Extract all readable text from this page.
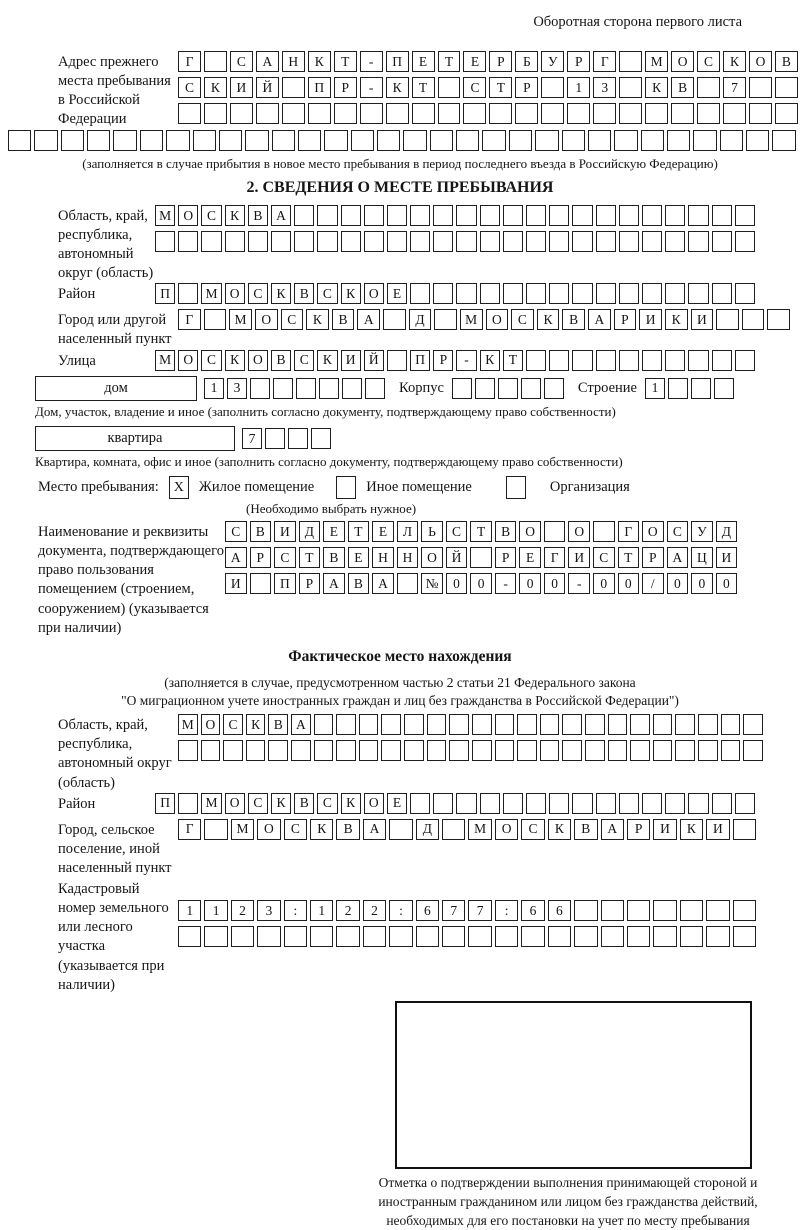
Оборотная сторона первого листа
Адрес прежнего места пребывания в Российской Федерации
Г	С	А	Н	К	Т	-	П	Е	Т	Е	Р	Б	У	Р	Г	М	О	С	К	О	В
С	К	И	Й	П	Р	-	К	Т	С	Т	Р	1	3	К	В	7
(заполняется в случае прибытия в новое место пребывания в период последнего въезда в Российскую Федерацию)
2. СВЕДЕНИЯ О МЕСТЕ ПРЕБЫВАНИЯ
Область, край, республика, автономный округ (область)
М О	С	К	В	А
Район	П	М О	С	К	В	С	К	О	Е
Город или другой населенный пункт
Г	М	О	С	К	В	А	Д	М	О	С	К	В	А	Р	И	К	И
Улица	М О	С	К	О	В	С	К	И Й	П	Р	-	К	Т
дом	1	3	Корпус	Строение	1
Дом, участок, владение и иное (заполнить согласно документу, подтверждающему право собственности)
квартира	7
Квартира, комната, офис и иное (заполнить согласно документу, подтверждающему право собственности)
Место пребывания:	X	Жилое помещение	Иное помещение	Организация
(Необходимо выбрать нужное)
Наименование и реквизиты документа, подтверждающего право пользования помещением (строением, сооружением) (указывается при наличии)
С	В	И	Д	Е	Т	Е	Л	Ь	С	Т	В	О	О	Г	О	С	У	Д
А	Р	С	Т	В	Е	Н	Н	О	Й	Р	Е	Г	И	С	Т	Р	А	Ц	И
И	П	Р	А	В	А	№	0	0	-	0	0	-	0	0	/	0	0	0
Фактическое место нахождения
(заполняется в случае, предусмотренном частью 2 статьи 21 Федерального закона
"О миграционном учете иностранных граждан и лиц без гражданства в Российской Федерации")
Область, край, республика, автономный округ (область)
М О С	К	В А
Район	П	М О	С	К	В	С	К	О	Е
Город, сельское поселение, иной населенный пункт
Г	М	О	С	К	В	А	Д	М	О	С	К	В	А	Р	И	К	И
Кадастровый номер земельного или лесного участка (указывается при наличии)
1	1	2	3	:	1	2	2	:	6	7	7	:	6	6
Отметка о подтверждении выполнения принимающей стороной и иностранным гражданином или лицом без гражданства действий, необходимых для его постановки на учет по месту пребывания
